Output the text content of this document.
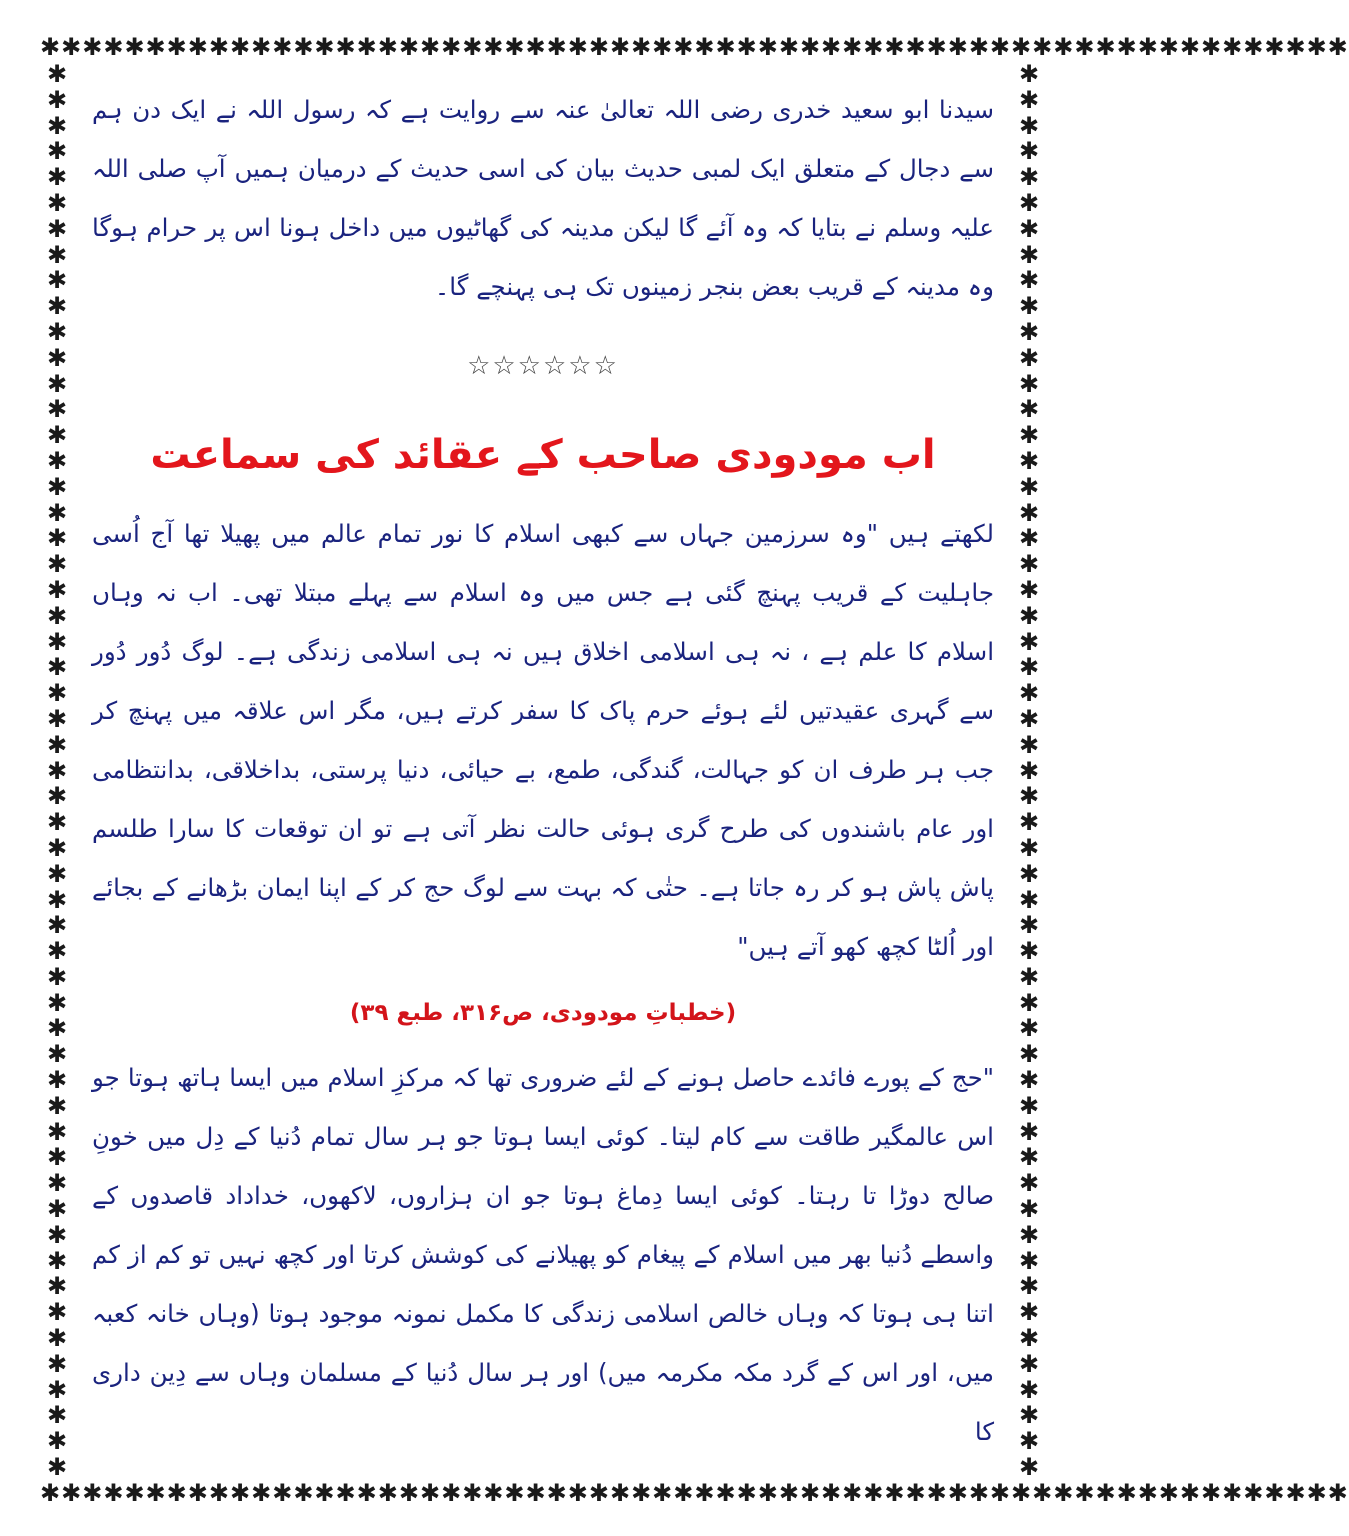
✱✱✱✱✱✱✱✱✱✱✱✱✱✱✱✱✱✱✱✱✱✱✱✱✱✱✱✱✱✱✱✱✱✱✱✱✱✱✱✱✱✱✱✱✱✱✱✱✱✱✱✱✱✱✱✱✱✱✱✱✱✱
✱✱✱✱✱✱✱✱✱✱✱✱✱✱✱✱✱✱✱✱✱✱✱✱✱✱✱✱✱✱✱✱✱✱✱✱✱✱✱✱✱✱✱✱✱✱✱✱✱✱✱✱✱✱✱✱✱✱✱✱✱✱
✱
✱
✱
✱
✱
✱
✱
✱
✱
✱
✱
✱
✱
✱
✱
✱
✱
✱
✱
✱
✱
✱
✱
✱
✱
✱
✱
✱
✱
✱
✱
✱
✱
✱
✱
✱
✱
✱
✱
✱
✱
✱
✱
✱
✱
✱
✱
✱
✱
✱
✱
✱
✱
✱
✱
✱
✱
✱
✱
✱
✱
✱
✱
✱
✱
✱
✱
✱
✱
✱
✱
✱
✱
✱
✱
✱
✱
✱
✱
✱
✱
✱
✱
✱
✱
✱
✱
✱
✱
✱
✱
✱
✱
✱
✱
✱
✱
✱
✱
✱
✱
✱
✱
✱
✱
✱
✱
✱
✱
✱

سیدنا ابو سعید خدری رضی اللہ تعالیٰ عنہ سے روایت ہے کہ رسول اللہ نے ایک دن ہم سے دجال کے متعلق ایک لمبی حدیث بیان کی اسی حدیث کے درمیان ہمیں آپ صلی اللہ علیہ وسلم نے بتایا کہ وہ آئے گا لیکن مدینہ کی گھاٹیوں میں داخل ہونا اس پر حرام ہوگا وہ مدینہ کے قریب بعض بنجر زمینوں تک ہی پہنچے گا۔

☆☆☆☆☆☆
اب مودودی صاحب کے عقائد کی سماعت

لکھتے ہیں "وہ سرزمین جہاں سے کبھی اسلام کا نور تمام عالم میں پھیلا تھا آج اُسی جاہلیت کے قریب پہنچ گئی ہے جس میں وہ اسلام سے پہلے مبتلا تھی۔ اب نہ وہاں اسلام کا علم ہے ، نہ ہی اسلامی اخلاق ہیں نہ ہی اسلامی زندگی ہے۔ لوگ دُور دُور سے گہری عقیدتیں لئے ہوئے حرم پاک کا سفر کرتے ہیں، مگر اس علاقہ میں پہنچ کر جب ہر طرف ان کو جہالت، گندگی، طمع، بے حیائی، دنیا پرستی، بداخلاقی، بدانتظامی اور عام باشندوں کی طرح گری ہوئی حالت نظر آتی ہے تو ان توقعات کا سارا طلسم پاش پاش ہو کر رہ جاتا ہے۔ حتٰی کہ بہت سے لوگ حج کر کے اپنا ایمان بڑھانے کے بجائے اور اُلٹا کچھ کھو آتے ہیں"

(خطباتِ مودودی، ص۳۱۶، طبع ۳۹)

"حج کے پورے فائدے حاصل ہونے کے لئے ضروری تھا کہ مرکزِ اسلام میں ایسا ہاتھ ہوتا جو اس عالمگیر طاقت سے کام لیتا۔ کوئی ایسا ہوتا جو ہر سال تمام دُنیا کے دِل میں خونِ صالح دوڑا تا رہتا۔ کوئی ایسا دِماغ ہوتا جو ان ہزاروں، لاکھوں، خداداد قاصدوں کے واسطے دُنیا بھر میں اسلام کے پیغام کو پھیلانے کی کوشش کرتا اور کچھ نہیں تو کم از کم اتنا ہی ہوتا کہ وہاں خالص اسلامی زندگی کا مکمل نمونہ موجود ہوتا (وہاں خانہ کعبہ میں، اور اس کے گرد مکہ مکرمہ میں) اور ہر سال دُنیا کے مسلمان وہاں سے دِین داری کا
